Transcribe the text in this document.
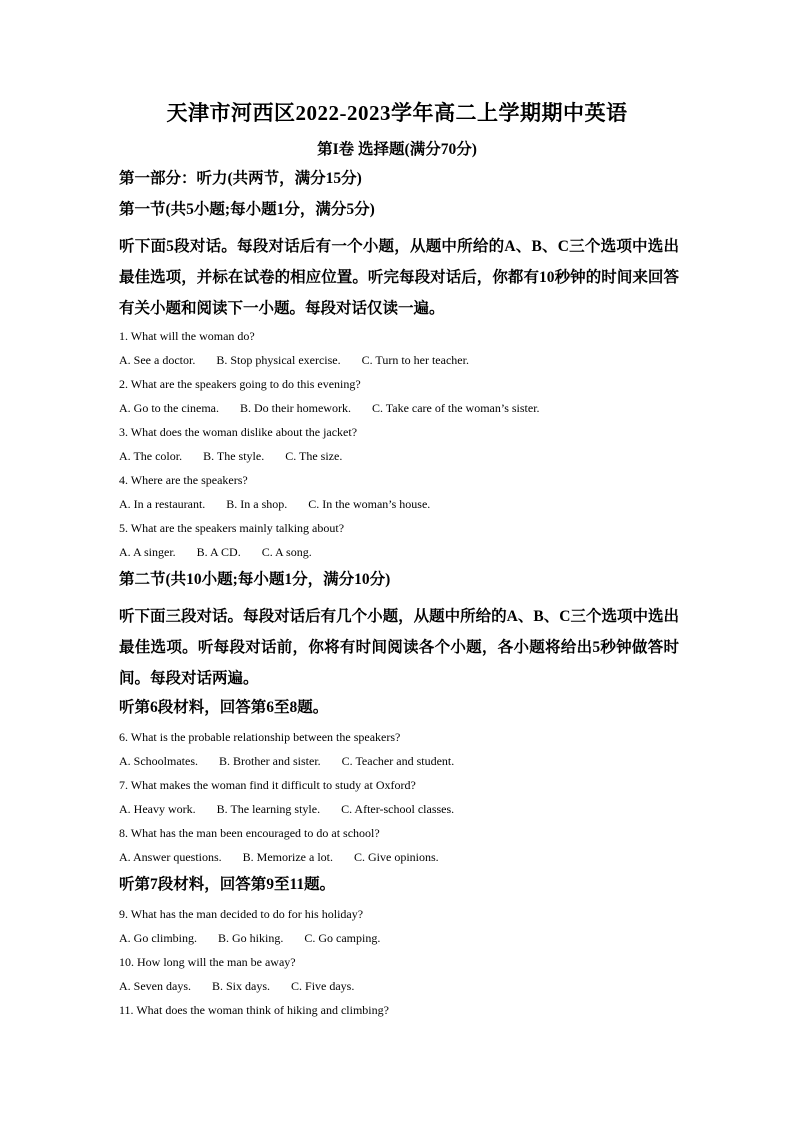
天津市河西区2022-2023学年高二上学期期中英语
第I卷 选择题(满分70分)
第一部分：听力(共两节，满分15分)
第一节(共5小题;每小题1分，满分5分)
听下面5段对话。每段对话后有一个小题，从题中所给的A、B、C三个选项中选出最佳选项，并标在试卷的相应位置。听完每段对话后，你都有10秒钟的时间来回答有关小题和阅读下一小题。每段对话仅读一遍。
1. What will the woman do?
A. See a doctor. B. Stop physical exercise. C. Turn to her teacher.
2. What are the speakers going to do this evening?
A. Go to the cinema. B. Do their homework. C. Take care of the woman’s sister.
3. What does the woman dislike about the jacket?
A. The color. B. The style. C. The size.
4. Where are the speakers?
A. In a restaurant. B. In a shop. C. In the woman’s house.
5. What are the speakers mainly talking about?
A. A singer. B. A CD. C. A song.
第二节(共10小题;每小题1分，满分10分)
听下面三段对话。每段对话后有几个小题，从题中所给的A、B、C三个选项中选出最佳选项。听每段对话前，你将有时间阅读各个小题，各小题将给出5秒钟做答时间。每段对话两遍。
听第6段材料，回答第6至8题。
6. What is the probable relationship between the speakers?
A. Schoolmates. B. Brother and sister. C. Teacher and student.
7. What makes the woman find it difficult to study at Oxford?
A. Heavy work. B. The learning style. C. After-school classes.
8. What has the man been encouraged to do at school?
A. Answer questions. B. Memorize a lot. C. Give opinions.
听第7段材料，回答第9至11题。
9. What has the man decided to do for his holiday?
A. Go climbing. B. Go hiking. C. Go camping.
10. How long will the man be away?
A. Seven days. B. Six days. C. Five days.
11. What does the woman think of hiking and climbing?
